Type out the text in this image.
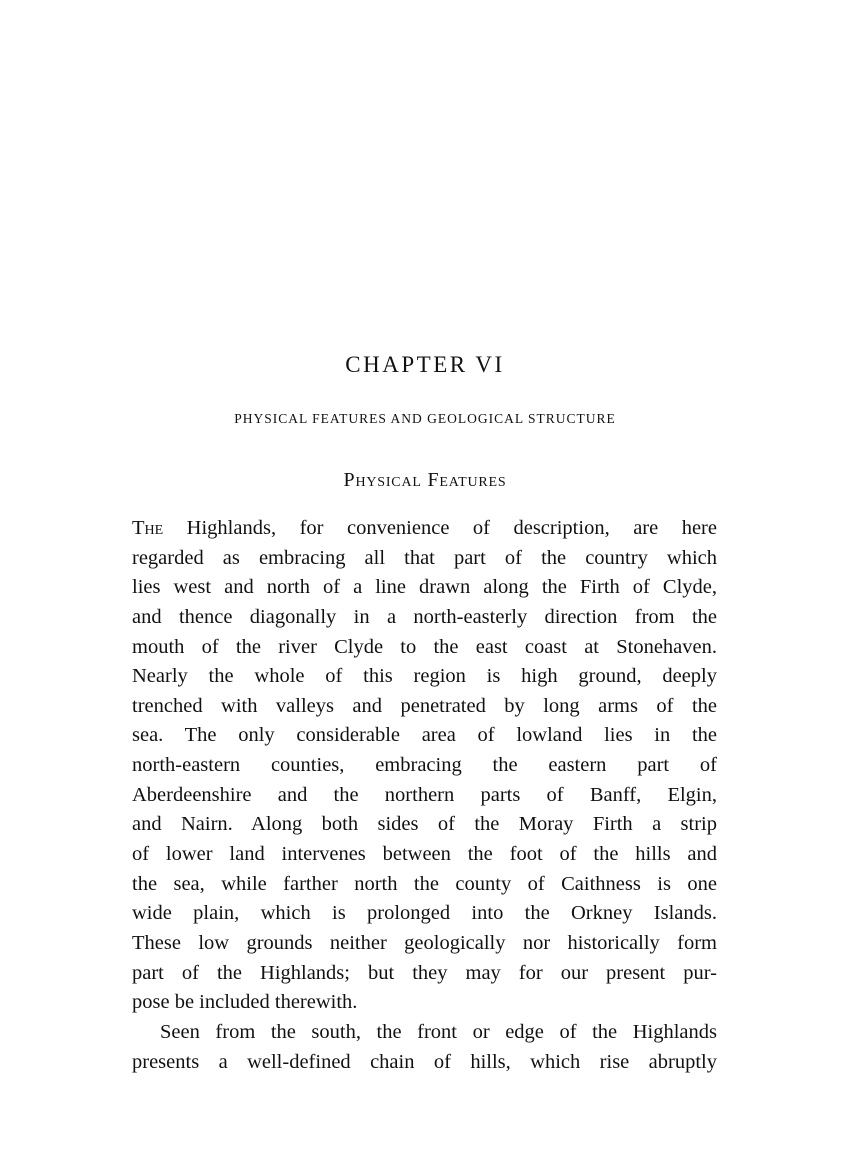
CHAPTER VI
PHYSICAL FEATURES AND GEOLOGICAL STRUCTURE
Physical Features
The Highlands, for convenience of description, are here
regarded as embracing all that part of the country which
lies west and north of a line drawn along the Firth of Clyde,
and thence diagonally in a north-easterly direction from the
mouth of the river Clyde to the east coast at Stonehaven.
Nearly the whole of this region is high ground, deeply
trenched with valleys and penetrated by long arms of the
sea. The only considerable area of lowland lies in the
north-eastern counties, embracing the eastern part of
Aberdeenshire and the northern parts of Banff, Elgin,
and Nairn. Along both sides of the Moray Firth a strip
of lower land intervenes between the foot of the hills and
the sea, while farther north the county of Caithness is one
wide plain, which is prolonged into the Orkney Islands.
These low grounds neither geologically nor historically form
part of the Highlands; but they may for our present pur-
pose be included therewith.
Seen from the south, the front or edge of the Highlands
presents a well-defined chain of hills, which rise abruptly
